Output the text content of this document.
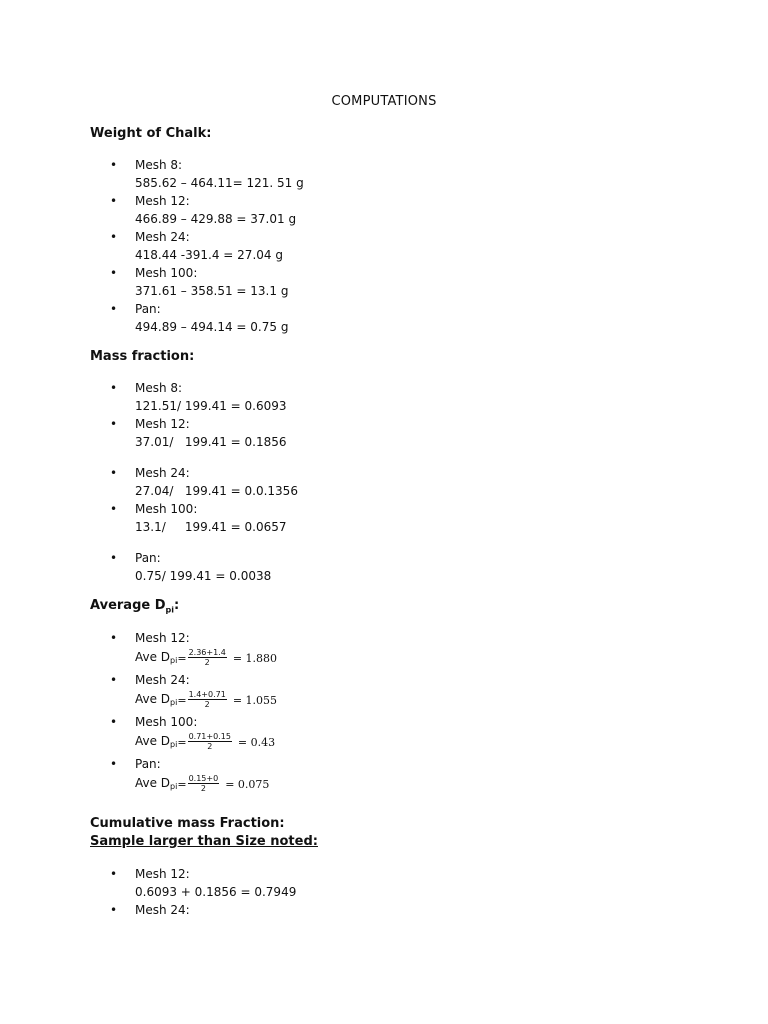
COMPUTATIONS
Weight of Chalk:
•	Mesh 8:
585.62 – 464.11= 121. 51 g
•	Mesh 12:
466.89 – 429.88 = 37.01 g
•	Mesh 24:
418.44 -391.4 = 27.04 g
•	Mesh 100:
371.61 – 358.51 = 13.1 g
•	Pan:
494.89 – 494.14 = 0.75 g
Mass fraction:
•	Mesh 8:
121.51/ 199.41 = 0.6093
•	Mesh 12:
37.01/   199.41 = 0.1856
•	Mesh 24:
27.04/   199.41 = 0.0.1356
•	Mesh 100:
13.1/     199.41 = 0.0657
•	Pan:
0.75/ 199.41 = 0.0038
Average $D_{pi}$:
•	Mesh 12:
Ave $D_{pi} = \frac{2.36+1.4}{2} = 1.880$
•	Mesh 24:
Ave $D_{pi} = \frac{1.4+0.71}{2} = 1.055$
•	Mesh 100:
Ave $D_{pi} = \frac{0.71+0.15}{2} = 0.43$
•	Pan:
Ave $D_{pi} = \frac{0.15+0}{2} = 0.075$
Cumulative mass Fraction:
Sample larger than Size noted:
•	Mesh 12:
0.6093 + 0.1856 = 0.7949
•	Mesh 24:
